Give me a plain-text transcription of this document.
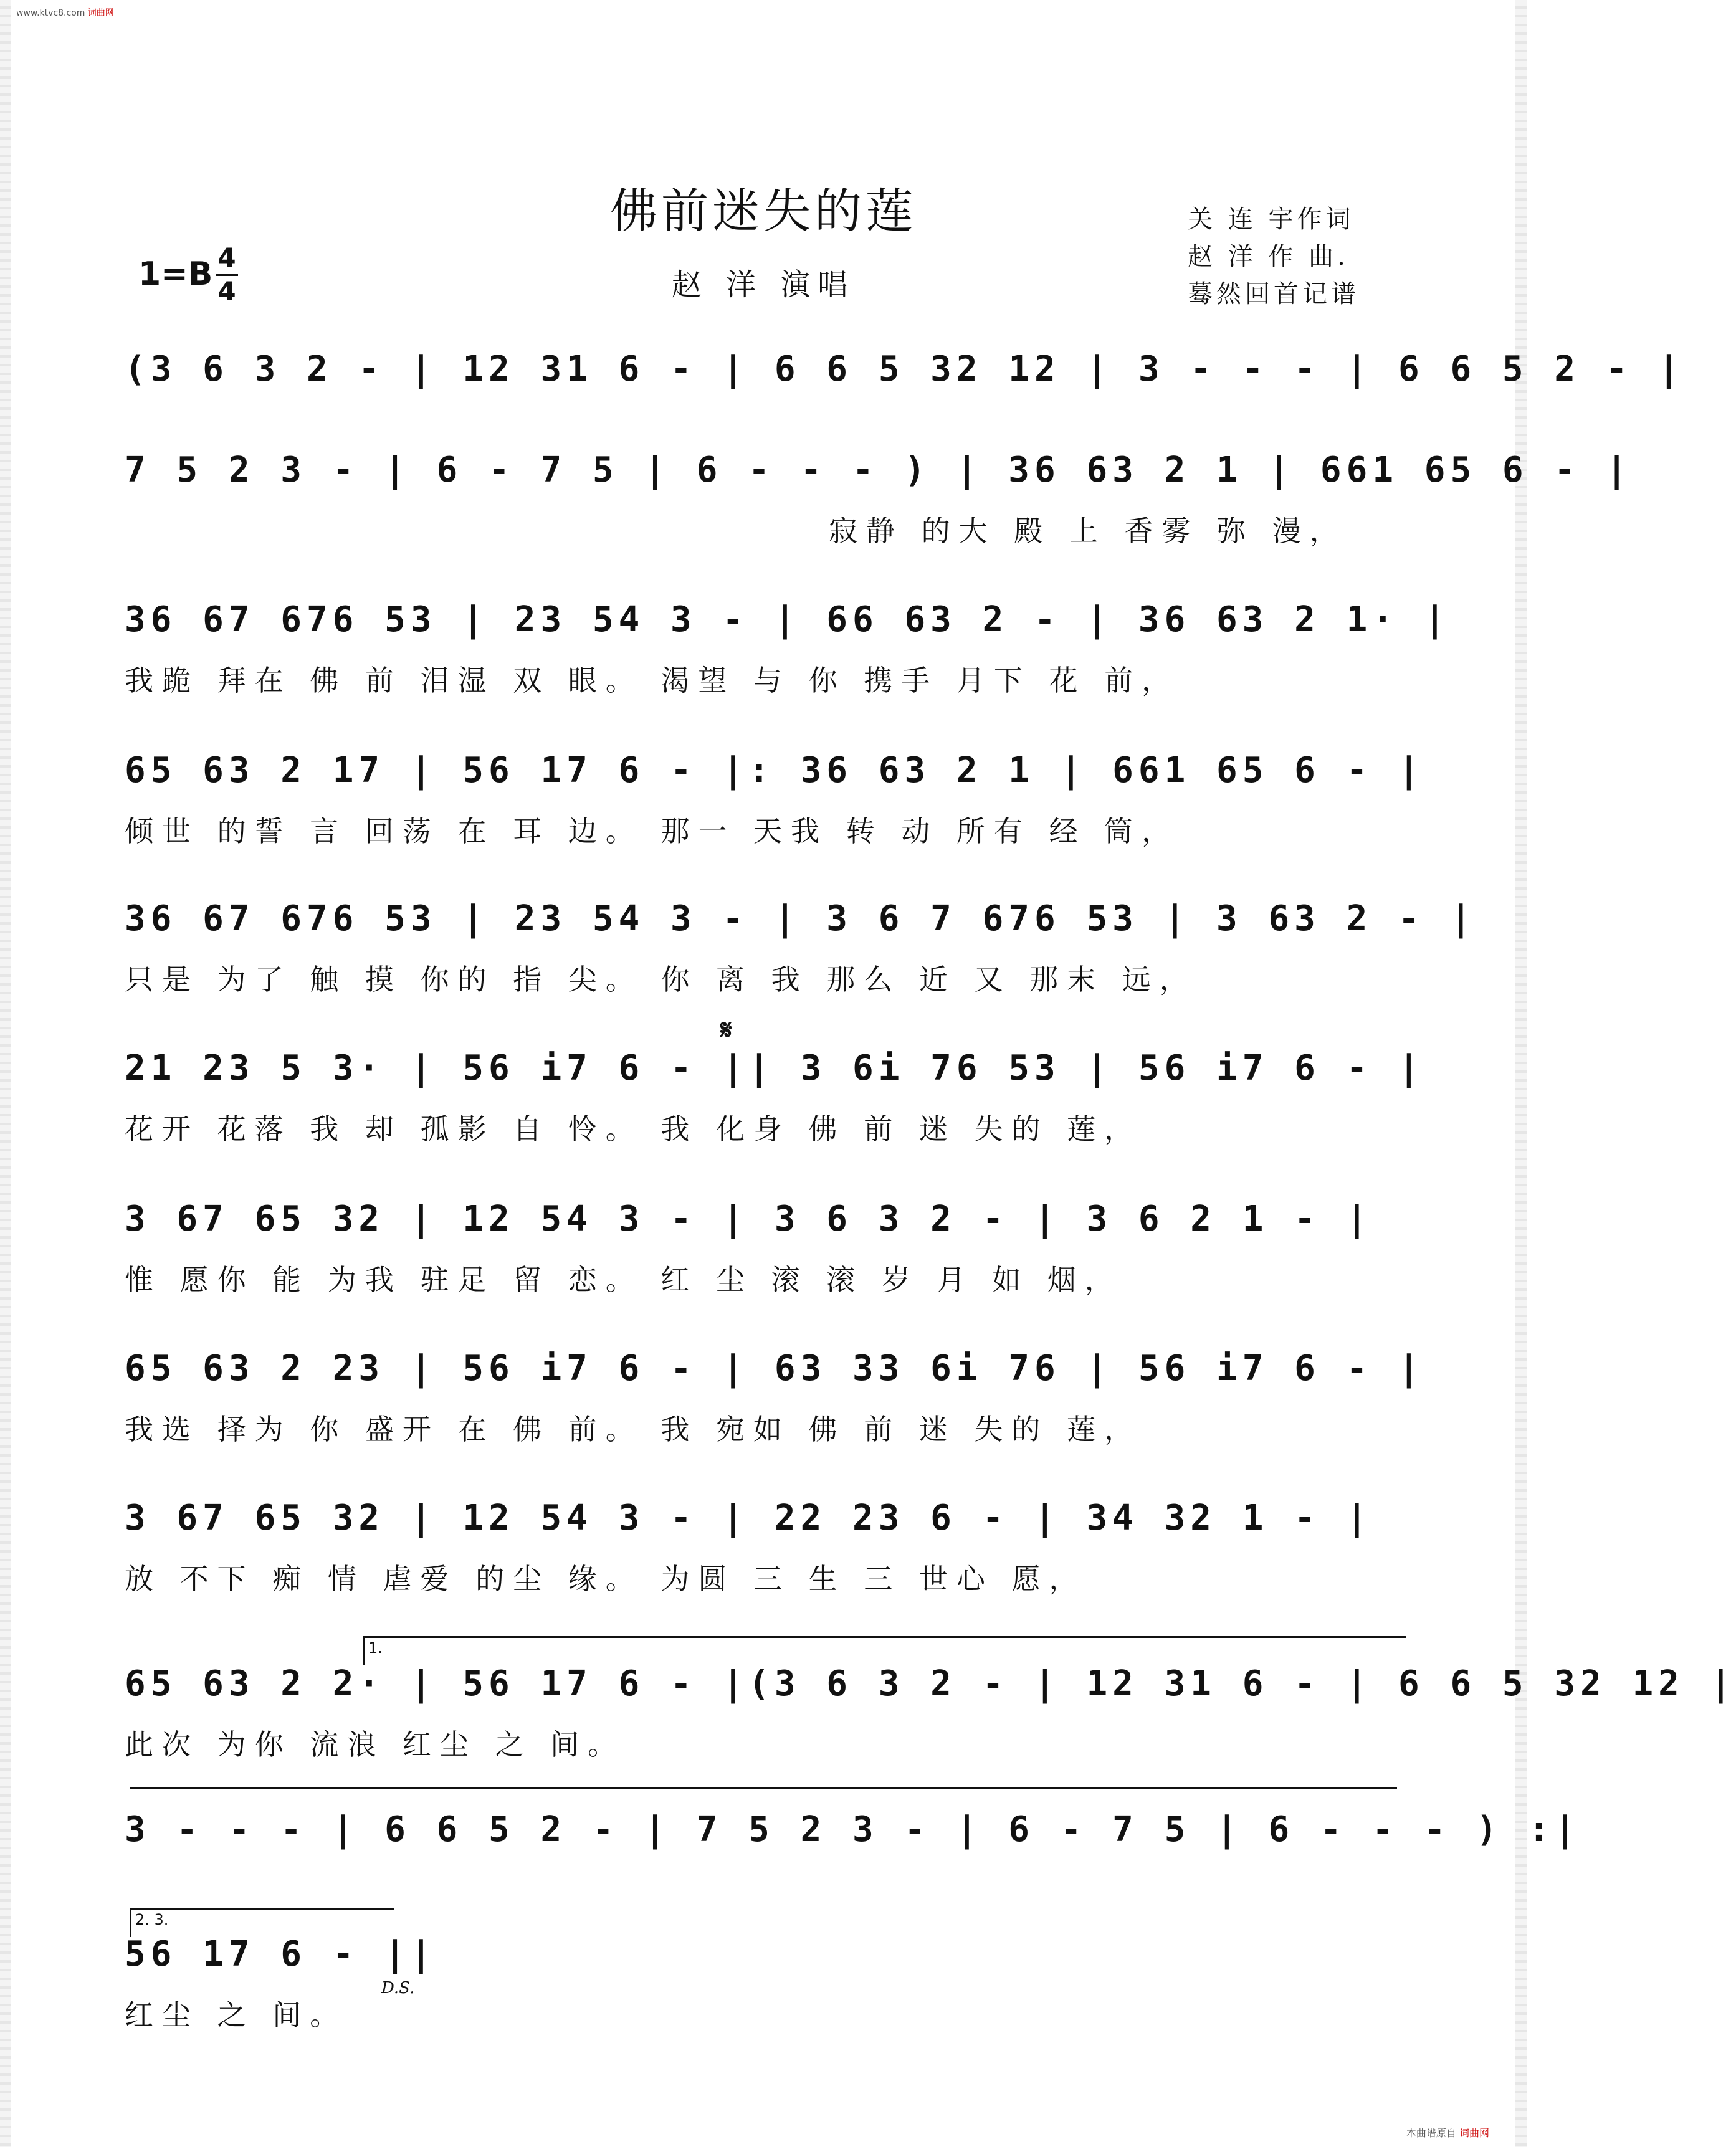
www.ktvc8.com 词曲网
佛前迷失的莲
赵 洋 演唱
1=B 4
4
关 连 宇作词
赵 洋 作 曲.
蓦然回首记谱
(3 6 3 2 - | 12 31 6 - | 6 6 5 32 12 | 3 - - - | 6 6 5 2 - |
7 5 2 3 - | 6 - 7 5 | 6 - - - ) | 36 63 2 1 | 661 65 6 - |
寂静 的大 殿 上 香雾 弥 漫，
36 67 676 53 | 23 54 3 - | 66 63 2 - | 36 63 2 1· |
我跪 拜在 佛 前 泪湿 双 眼。 渴望 与 你 携手 月下 花 前，
65 63 2 17 | 56 17 6 - |: 36 63 2 1 | 661 65 6 - |
倾世 的誓 言 回荡 在 耳 边。 那一 天我 转 动 所有 经 筒，
36 67 676 53 | 23 54 3 - | 3 6 7 676 53 | 3 63 2 - |
只是 为了 触 摸 你的 指 尖。 你 离 我 那么 近 又 那末 远，
𝄋
21 23 5 3· | 56 i7 6 - || 3 6i 76 53 | 56 i7 6 - |
花开 花落 我 却 孤影 自 怜。 我 化身 佛 前 迷 失的 莲，
3 67 65 32 | 12 54 3 - | 3 6 3 2 - | 3 6 2 1 - |
惟 愿你 能 为我 驻足 留 恋。 红 尘 滚 滚 岁 月 如 烟，
65 63 2 23 | 56 i7 6 - | 63 33 6i 76 | 56 i7 6 - |
我选 择为 你 盛开 在 佛 前。 我 宛如 佛 前 迷 失的 莲，
3 67 65 32 | 12 54 3 - | 22 23 6 - | 34 32 1 - |
放 不下 痴 情 虐爱 的尘 缘。 为圆 三 生 三 世心 愿，
1.
65 63 2 2· | 56 17 6 - |(3 6 3 2 - | 12 31 6 - | 6 6 5 32 12 |
此次 为你 流浪 红尘 之 间。
3 - - - | 6 6 5 2 - | 7 5 2 3 - | 6 - 7 5 | 6 - - - ) :|
2. 3.
56 17 6 - ||
D.S.
红尘 之 间。
本曲谱原自 词曲网
